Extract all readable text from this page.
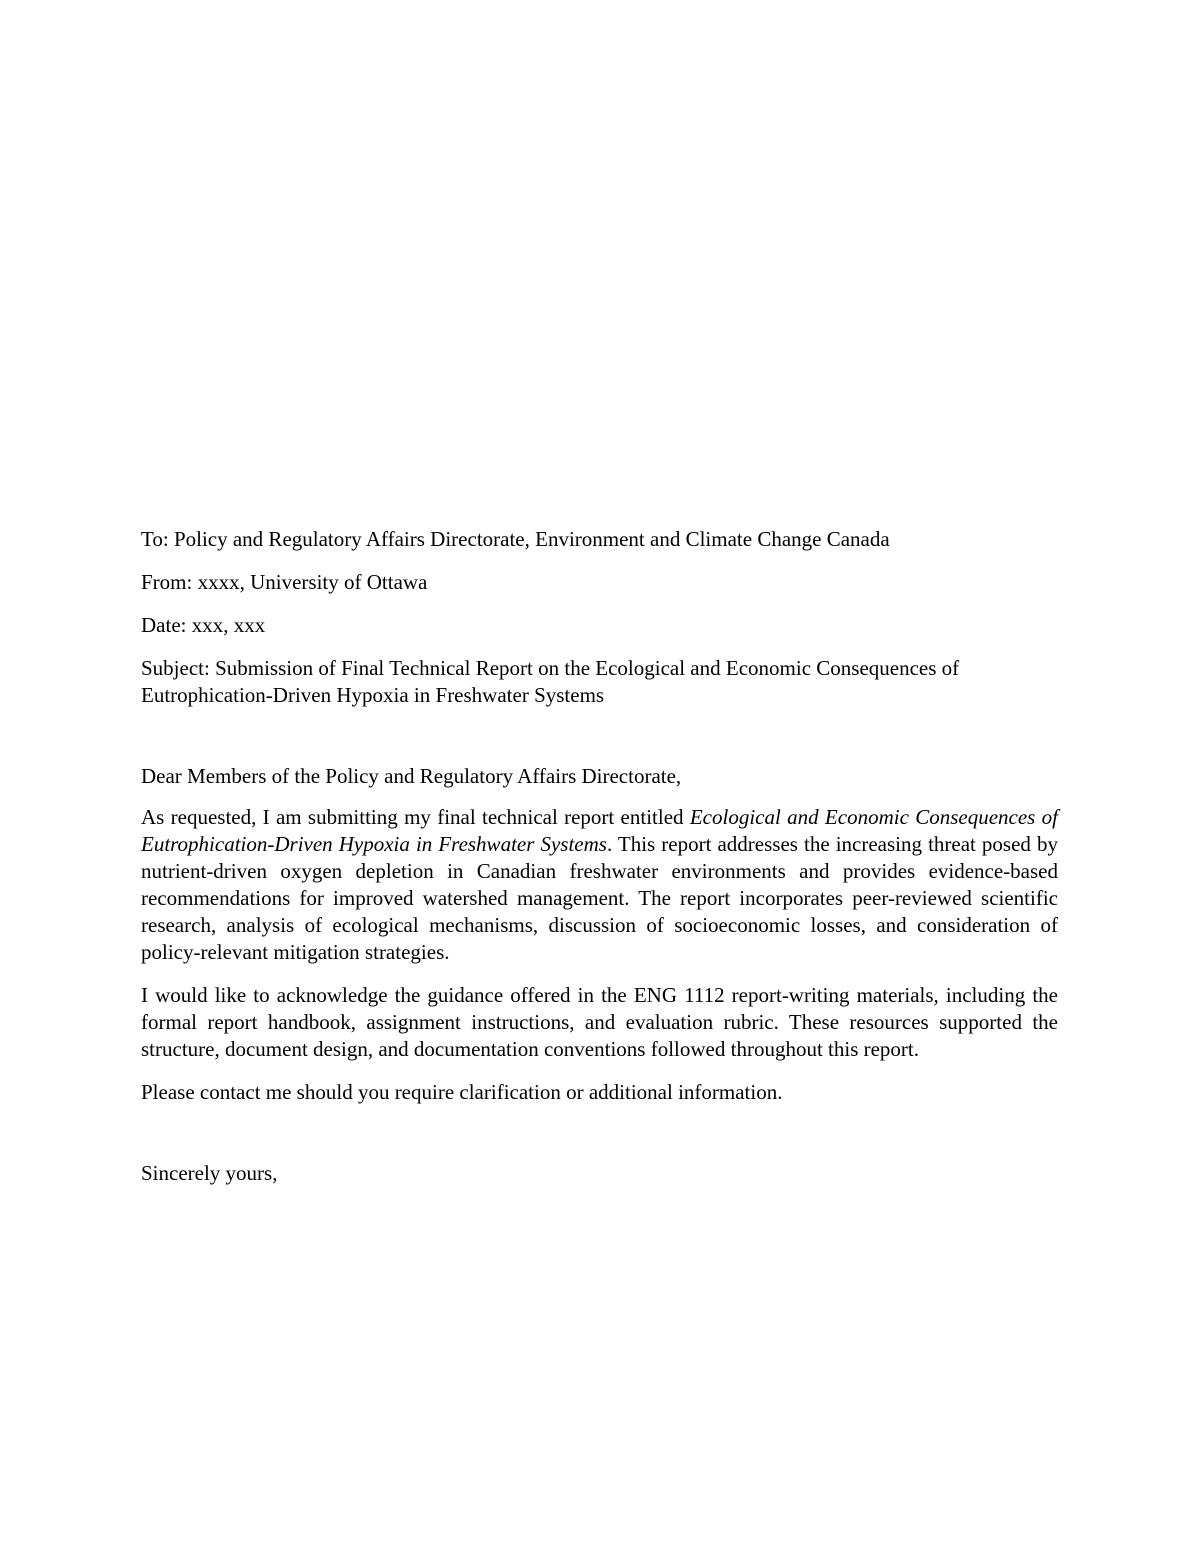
To: Policy and Regulatory Affairs Directorate, Environment and Climate Change Canada

From: xxxx, University of Ottawa

Date: xxx, xxx

Subject: Submission of Final Technical Report on the Ecological and Economic Consequences of Eutrophication-Driven Hypoxia in Freshwater Systems

Dear Members of the Policy and Regulatory Affairs Directorate,

As requested, I am submitting my final technical report entitled Ecological and Economic Consequences of Eutrophication-Driven Hypoxia in Freshwater Systems. This report addresses the increasing threat posed by nutrient-driven oxygen depletion in Canadian freshwater environments and provides evidence-based recommendations for improved watershed management. The report incorporates peer-reviewed scientific research, analysis of ecological mechanisms, discussion of socioeconomic losses, and consideration of policy-relevant mitigation strategies.

I would like to acknowledge the guidance offered in the ENG 1112 report-writing materials, including the formal report handbook, assignment instructions, and evaluation rubric. These resources supported the structure, document design, and documentation conventions followed throughout this report.

Please contact me should you require clarification or additional information.

Sincerely yours,
